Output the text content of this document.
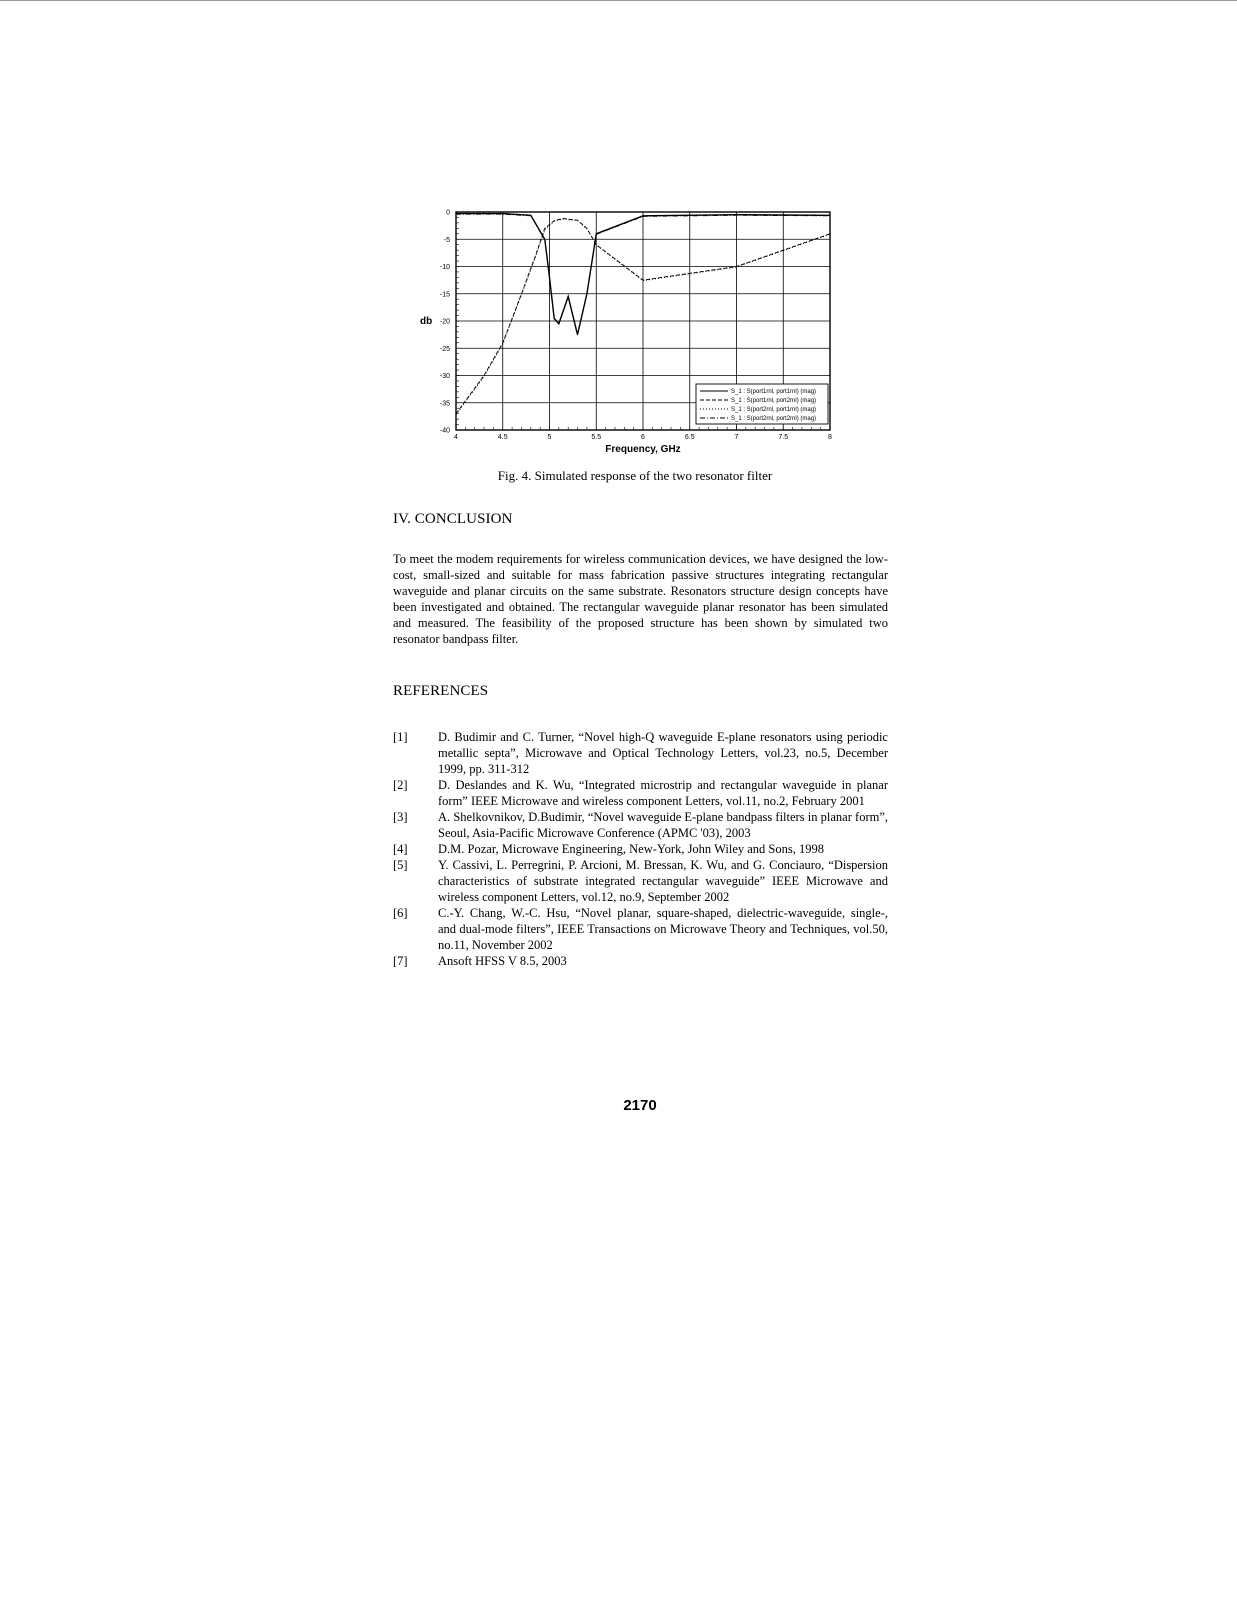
4	4.5	5	5.5	6	6.5	7	7.5	8
0
-5
-10
-15
-20
-25
-30
-35
-40
Frequency, GHz
db
S_1 : S(port1rnl, port1rnl) (mag)
S_1 : S(port1rnl, port2rnl) (mag)
S_1 : S(port2rnl, port1rnl) (mag)
S_1 : S(port2rnl, port2rnl) (mag)
Fig. 4. Simulated response of the two resonator filter
IV. CONCLUSION
To meet the modem requirements for wireless communication devices, we have designed the low-cost, small-sized and suitable for mass fabrication passive structures integrating rectangular waveguide and planar circuits on the same substrate. Resonators structure design concepts have been investigated and obtained. The rectangular waveguide planar resonator has been simulated and measured. The feasibility of the proposed structure has been shown by simulated two resonator bandpass filter.
REFERENCES
[1]	D. Budimir and C. Turner, “Novel high-Q waveguide E-plane resonators using periodic metallic septa”, Microwave and Optical Technology Letters, vol.23, no.5, December 1999, pp. 311-312
[2]	D. Deslandes and K. Wu, “Integrated microstrip and rectangular waveguide in planar form” IEEE Microwave and wireless component Letters, vol.11, no.2, February 2001
[3]	A. Shelkovnikov, D.Budimir, “Novel waveguide E-plane bandpass filters in planar form”, Seoul, Asia-Pacific Microwave Conference (APMC '03), 2003
[4]	D.M. Pozar, Microwave Engineering, New-York, John Wiley and Sons, 1998
[5]	Y. Cassivi, L. Perregrini, P. Arcioni, M. Bressan, K. Wu, and G. Conciauro, “Dispersion characteristics of substrate integrated rectangular waveguide” IEEE Microwave and wireless component Letters, vol.12, no.9, September 2002
[6]	C.-Y. Chang, W.-C. Hsu, “Novel planar, square-shaped, dielectric-waveguide, single-, and dual-mode filters”, IEEE Transactions on Microwave Theory and Techniques, vol.50, no.11, November 2002
[7]	Ansoft HFSS V 8.5, 2003
2170
